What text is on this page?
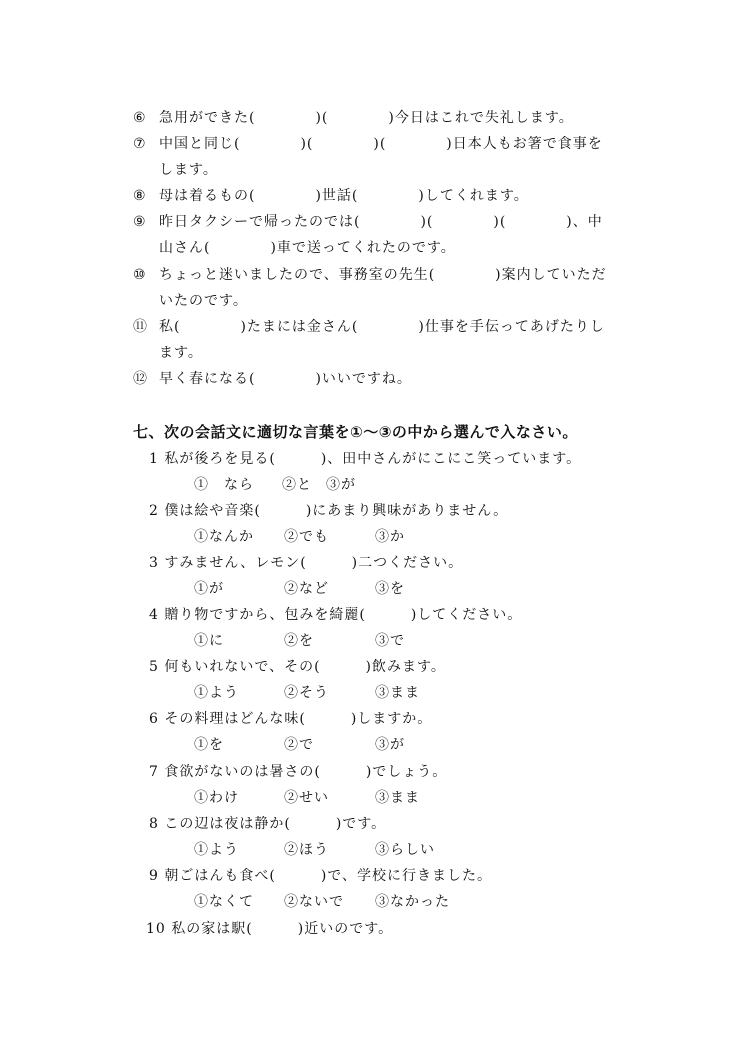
⑥ 急用ができた(　　　　)(　　　　)今日はこれで失礼します。
⑦ 中国と同じ(　　　　)(　　　　)(　　　　)日本人もお箸で食事を
します。
⑧ 母は着るもの(　　　　)世話(　　　　)してくれます。
⑨ 昨日タクシーで帰ったのでは(　　　　)(　　　　)(　　　　)、中
山さん(　　　　)車で送ってくれたのです。
⑩ ちょっと迷いましたので、事務室の先生(　　　　)案内していただ
いたのです。
⑪ 私(　　　　)たまには金さん(　　　　)仕事を手伝ってあげたりし
ます。
⑫ 早く春になる(　　　　)いいですね。
七、次の会話文に適切な言葉を①～③の中から選んで入なさい。
1 私が後ろを見る(　　　)、田中さんがにこにこ笑っています。
①　なら ②と ③が
2 僕は絵や音楽(　　　)にあまり興味がありません。
①なんか ②でも	③か
3 すみません、レモン(　　　)二つください。
①が	②など	③を
4 贈り物ですから、包みを綺麗(　　　)してください。
①に	②を	③で
5 何もいれないで、その(　　　)飲みます。
①よう	②そう	③まま
6 その料理はどんな味(　　　)しますか。
①を	②で	③が
7 食欲がないのは暑さの(　　　)でしょう。
①わけ	②せい	③まま
8 この辺は夜は静か(　　　)です。
①よう	②ほう	③らしい
9 朝ごはんも食べ(　　　)で、学校に行きました。
①なくて ②ないで ③なかった
10 私の家は駅(　　　)近いのです。
